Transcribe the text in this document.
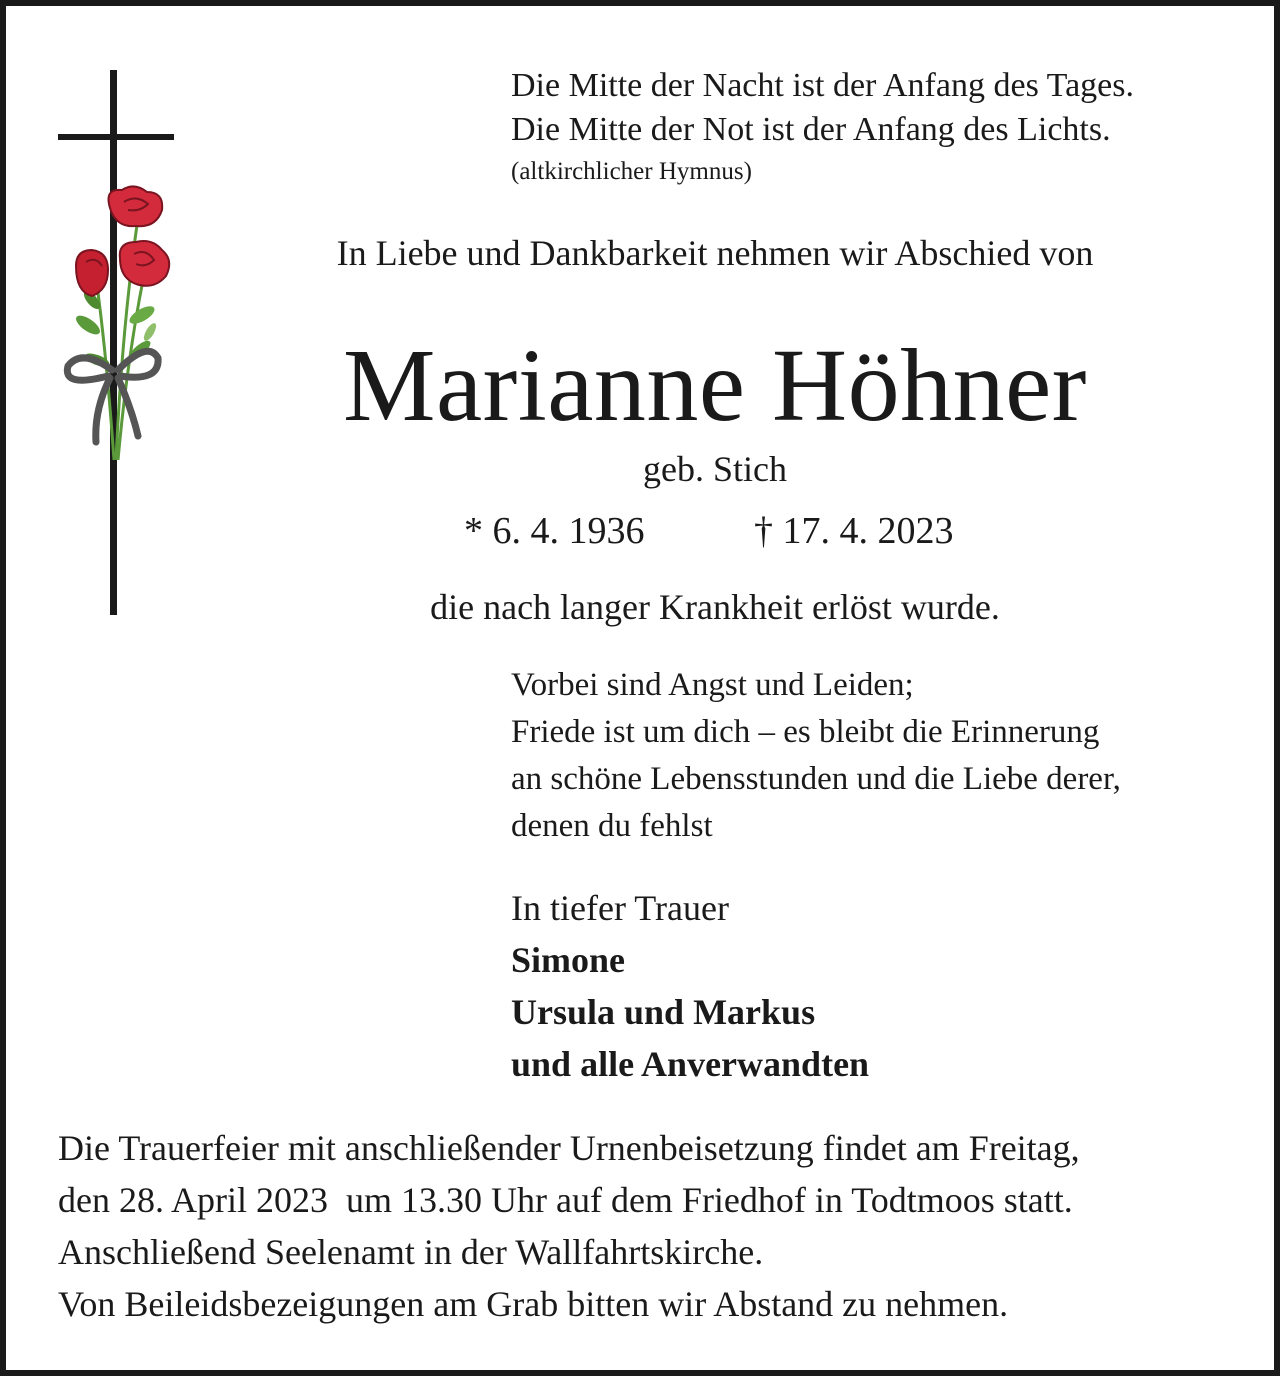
Die Mitte der Nacht ist der Anfang des Tages.
Die Mitte der Not ist der Anfang des Lichts.
(altkirchlicher Hymnus)
In Liebe und Dankbarkeit nehmen wir Abschied von
Marianne Höhner
geb. Stich
* 6. 4. 1936	† 17. 4. 2023
die nach langer Krankheit erlöst wurde.
Vorbei sind Angst und Leiden;
Friede ist um dich – es bleibt die Erinnerung
an schöne Lebensstunden und die Liebe derer,
denen du fehlst
In tiefer Trauer
Simone
Ursula und Markus
und alle Anverwandten
Die Trauerfeier mit anschließender Urnenbeisetzung findet am Freitag,
den 28. April 2023  um 13.30 Uhr auf dem Friedhof in Todtmoos statt.
Anschließend Seelenamt in der Wallfahrtskirche.
Von Beileidsbezeigungen am Grab bitten wir Abstand zu nehmen.
